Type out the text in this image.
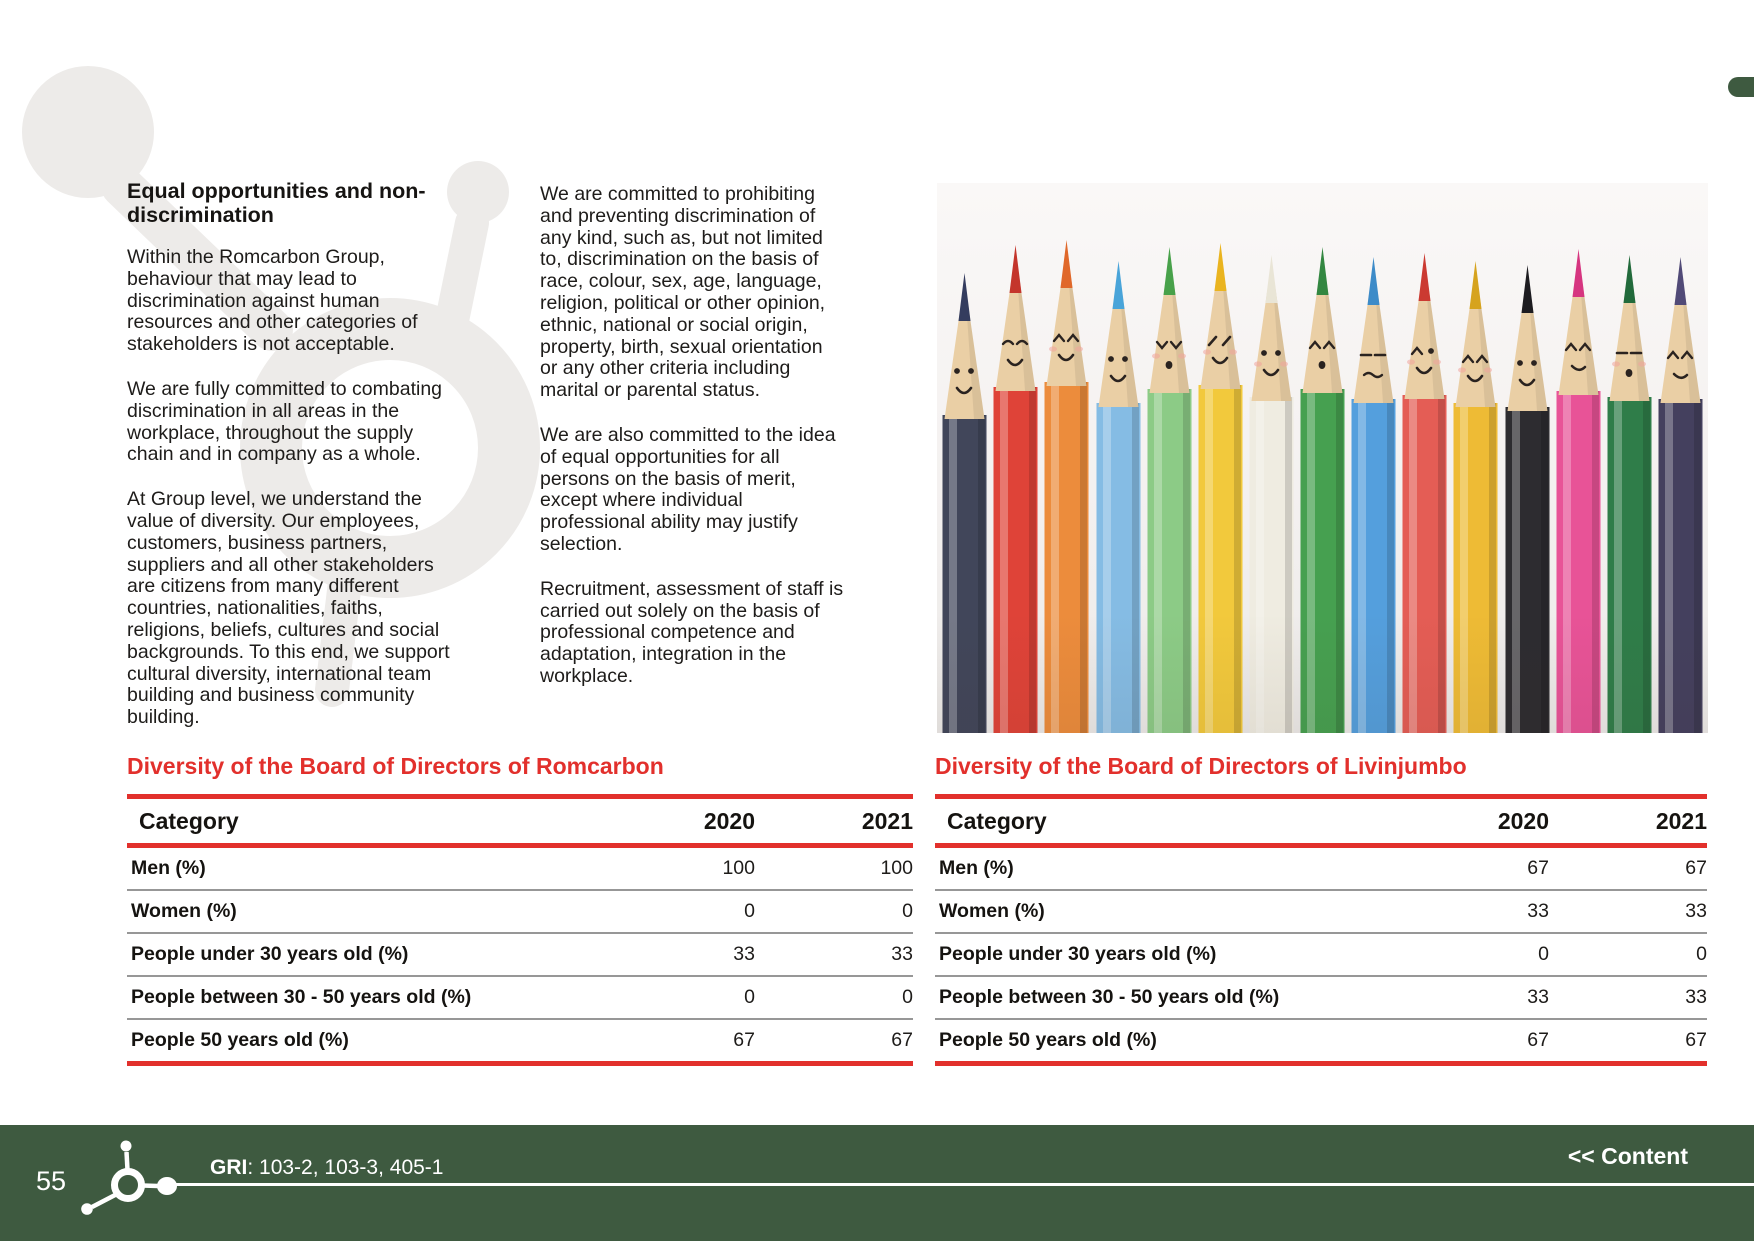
Equal opportunities and non-discrimination

Within the Romcarbon Group, behaviour that may lead to discrimination against human resources and other categories of stakeholders is not acceptable.

We are fully committed to combating discrimination in all areas in the workplace, throughout the supply chain and in company as a whole.

At Group level, we understand the value of diversity. Our employees, customers, business partners, suppliers and all other stakeholders are citizens from many different countries, nationalities, faiths, religions, beliefs, cultures and social backgrounds. To this end, we support cultural diversity, international team building and business community building.

We are committed to prohibiting and preventing discrimination of any kind, such as, but not limited to, discrimination on the basis of race, colour, sex, age, language, religion, political or other opinion, ethnic, national or social origin, property, birth, sexual orientation or any other criteria including marital or parental status.

We are also committed to the idea of equal opportunities for all persons on the basis of merit, except where individual professional ability may justify selection.

Recruitment, assessment of staff is carried out solely on the basis of professional competence and adaptation, integration in the workplace.

Diversity of the Board of Directors of Romcarbon
Category	2020	2021
Men (%)	100	100
Women (%)	0	0
People under 30 years old (%)	33	33
People between 30 - 50 years old (%)	0	0
People 50 years old (%)	67	67
Diversity of the Board of Directors of Livinjumbo
Category	2020	2021
Men (%)	67	67
Women (%)	33	33
People under 30 years old (%)	0	0
People between 30 - 50 years old (%)	33	33
People 50 years old (%)	67	67
55	GRI: 103-2, 103-3, 405-1	<< Content
